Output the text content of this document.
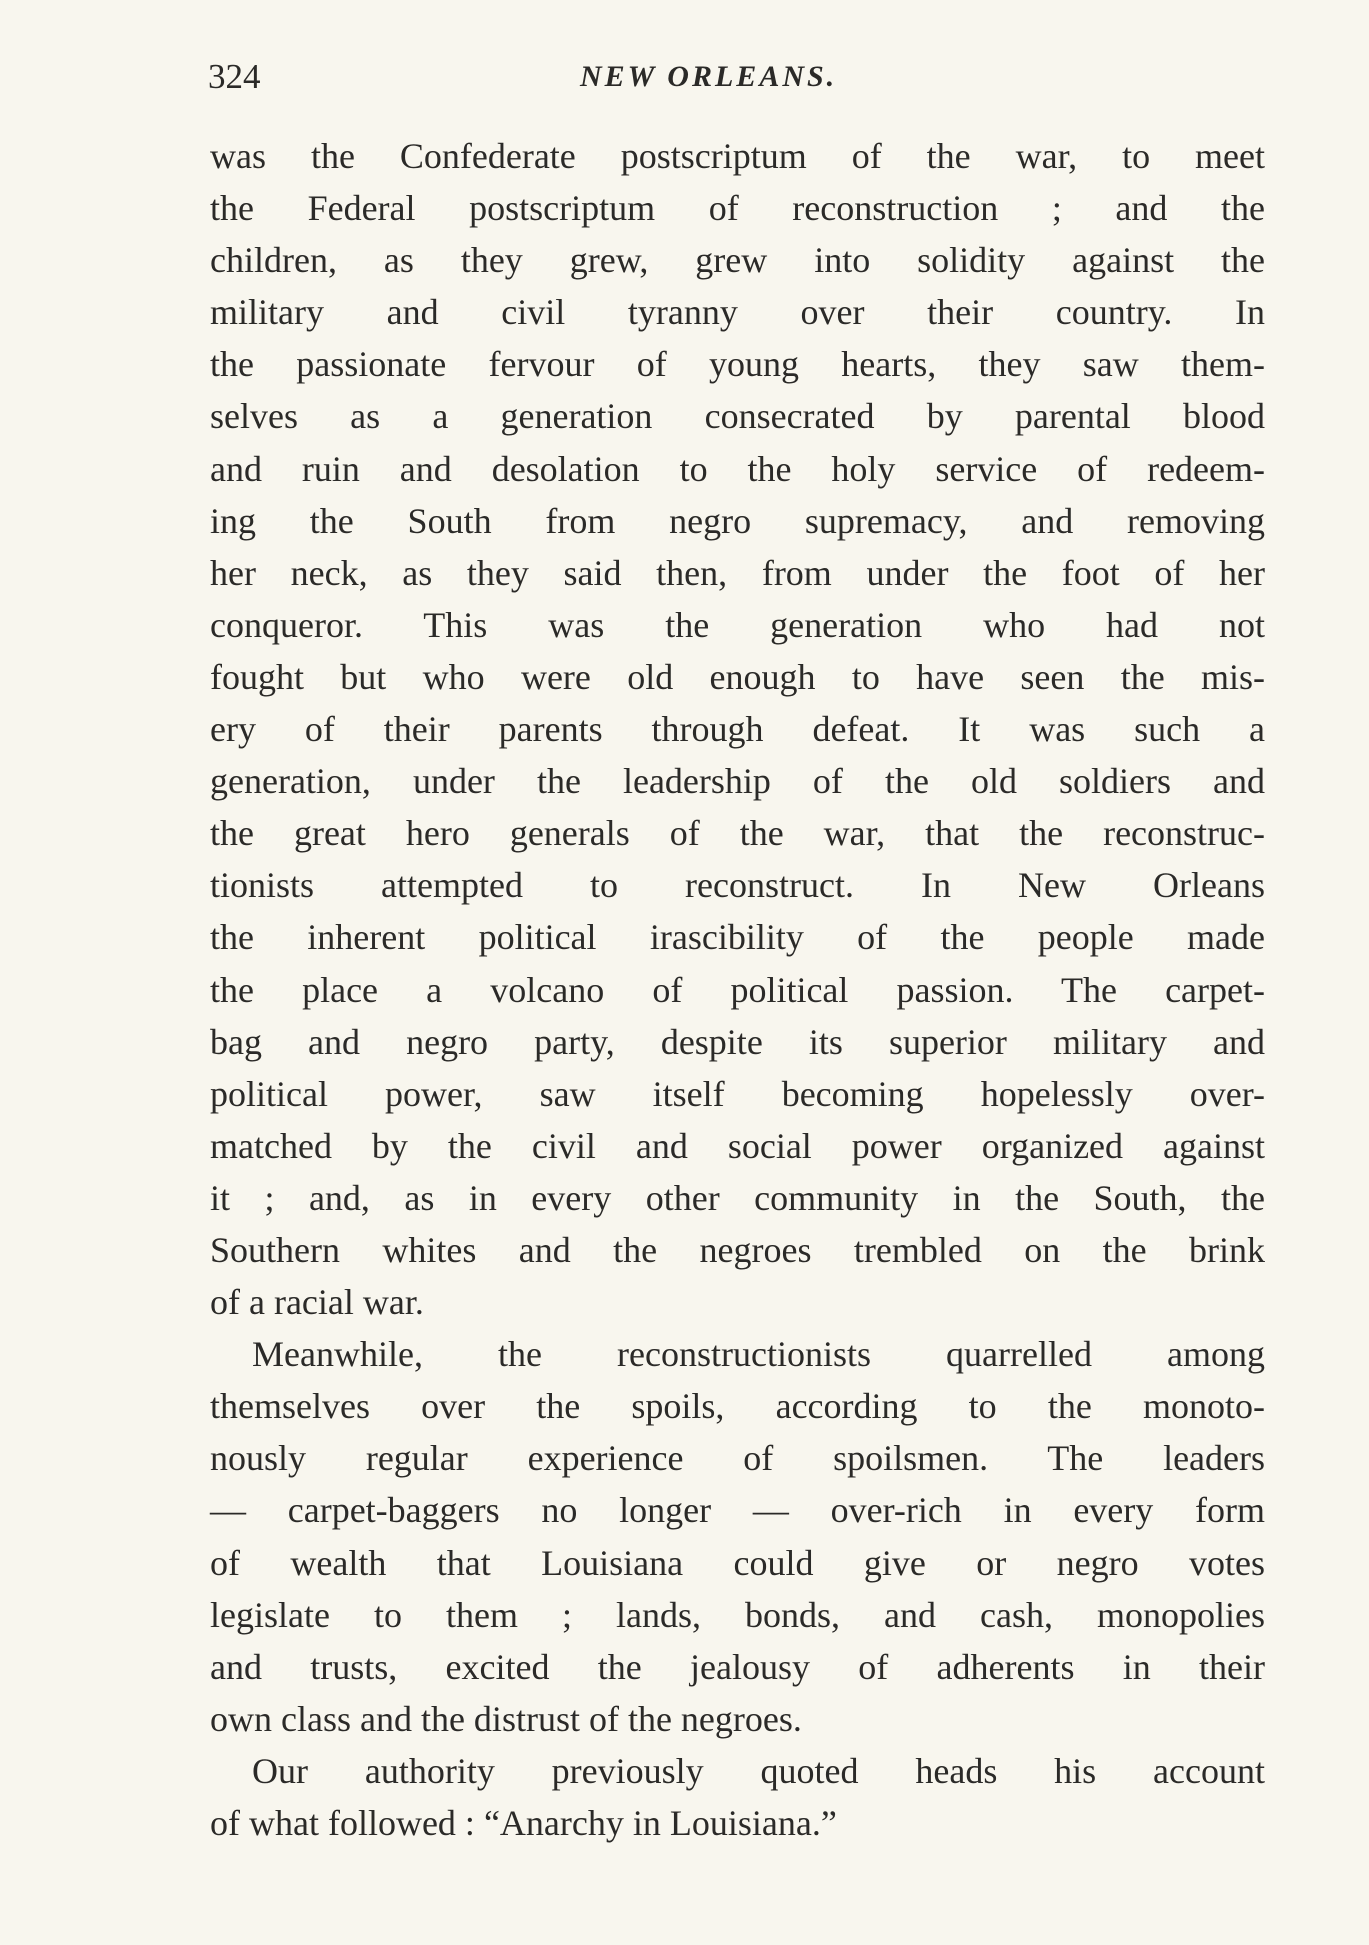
324	NEW ORLEANS.
was the Confederate postscriptum of the war, to meet
the Federal postscriptum of reconstruction ; and the
children, as they grew, grew into solidity against the
military and civil tyranny over their country. In
the passionate fervour of young hearts, they saw them-
selves as a generation consecrated by parental blood
and ruin and desolation to the holy service of redeem-
ing the South from negro supremacy, and removing
her neck, as they said then, from under the foot of her
conqueror. This was the generation who had not
fought but who were old enough to have seen the mis-
ery of their parents through defeat. It was such a
generation, under the leadership of the old soldiers and
the great hero generals of the war, that the reconstruc-
tionists attempted to reconstruct. In New Orleans
the inherent political irascibility of the people made
the place a volcano of political passion. The carpet-
bag and negro party, despite its superior military and
political power, saw itself becoming hopelessly over-
matched by the civil and social power organized against
it ; and, as in every other community in the South, the
Southern whites and the negroes trembled on the brink
of a racial war.
Meanwhile, the reconstructionists quarrelled among
themselves over the spoils, according to the monoto-
nously regular experience of spoilsmen. The leaders
— carpet-baggers no longer — over-rich in every form
of wealth that Louisiana could give or negro votes
legislate to them ; lands, bonds, and cash, monopolies
and trusts, excited the jealousy of adherents in their
own class and the distrust of the negroes.
Our authority previously quoted heads his account
of what followed : “Anarchy in Louisiana.”
